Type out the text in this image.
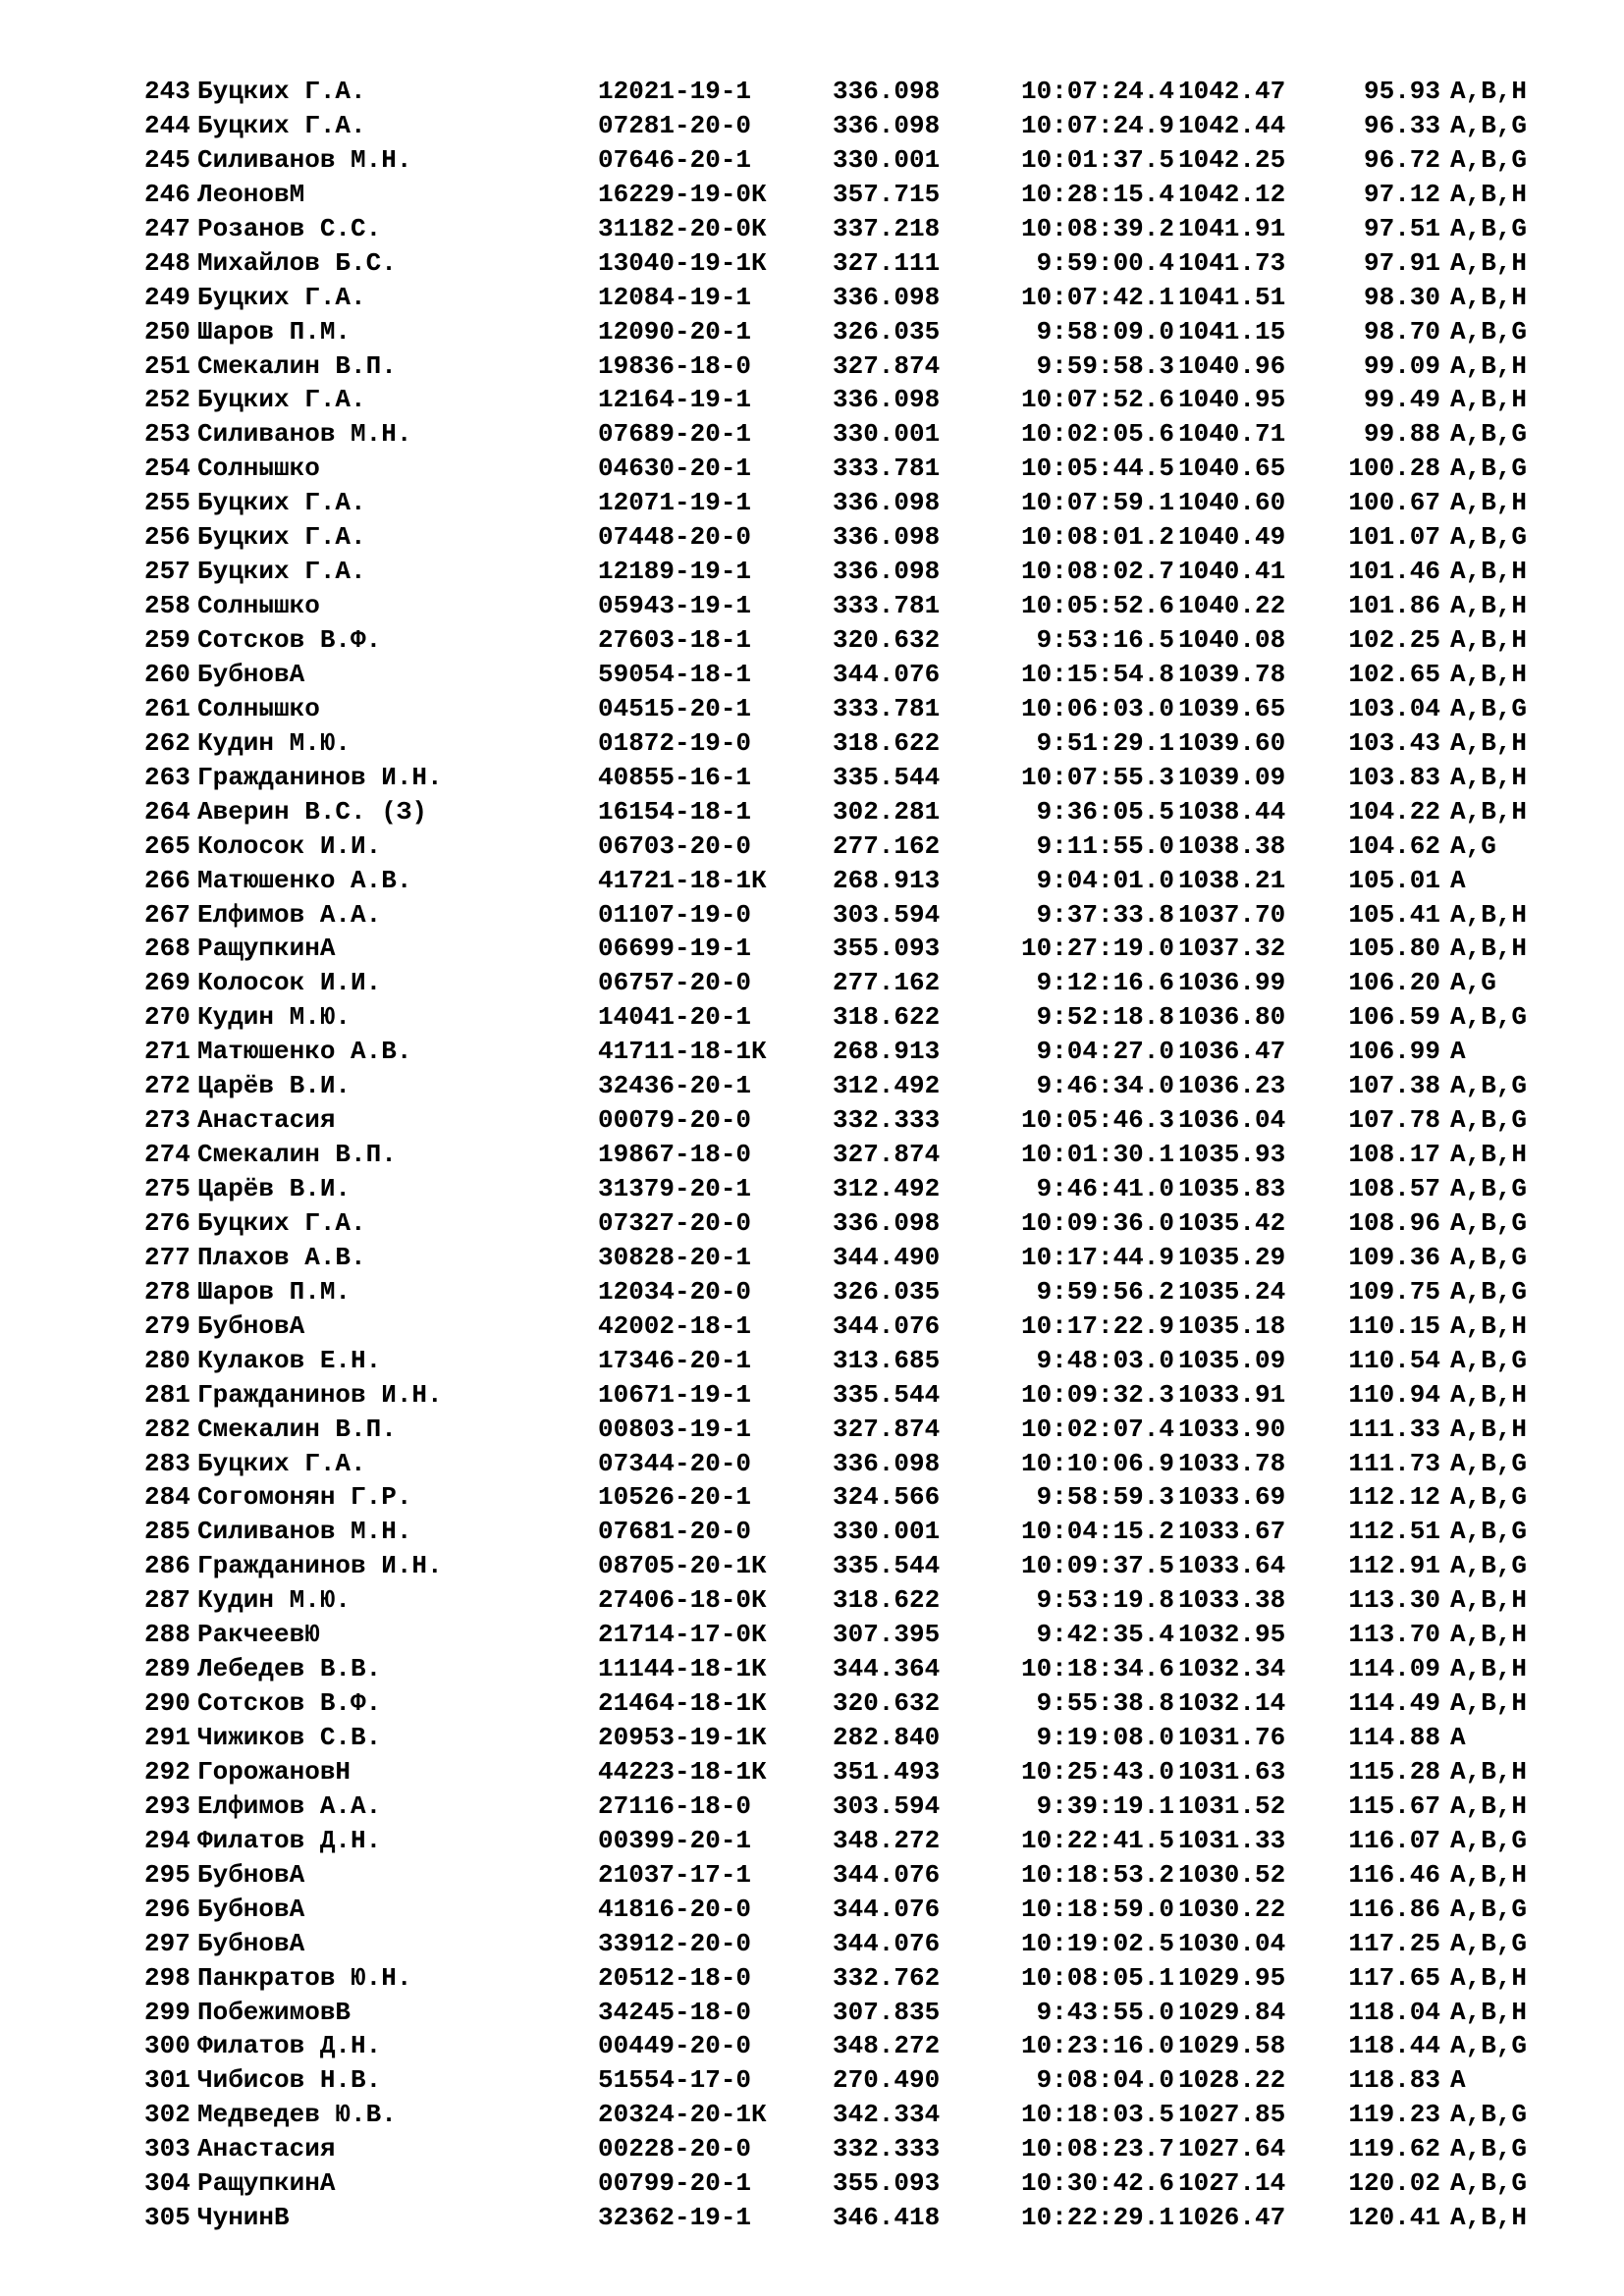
243 Буцких Г.А.	12021-19-1	336.098	10:07:24.4 1042.47	95.93 A,B,H
244 Буцких Г.А.	07281-20-0	336.098	10:07:24.9 1042.44	96.33 A,B,G
245 Силиванов М.Н.	07646-20-1	330.001	10:01:37.5 1042.25	96.72 A,B,G
246 ЛеоновМ	16229-19-0К	357.715	10:28:15.4 1042.12	97.12 A,B,H
247 Розанов С.С.	31182-20-0К	337.218	10:08:39.2 1041.91	97.51 A,B,G
248 Михайлов Б.С.	13040-19-1К	327.111	9:59:00.4 1041.73	97.91 A,B,H
249 Буцких Г.А.	12084-19-1	336.098	10:07:42.1 1041.51	98.30 A,B,H
250 Шаров П.М.	12090-20-1	326.035	9:58:09.0 1041.15	98.70 A,B,G
251 Смекалин В.П.	19836-18-0	327.874	9:59:58.3 1040.96	99.09 A,B,H
252 Буцких Г.А.	12164-19-1	336.098	10:07:52.6 1040.95	99.49 A,B,H
253 Силиванов М.Н.	07689-20-1	330.001	10:02:05.6 1040.71	99.88 A,B,G
254 Солнышко	04630-20-1	333.781	10:05:44.5 1040.65 100.28 A,B,G
255 Буцких Г.А.	12071-19-1	336.098	10:07:59.1 1040.60 100.67 A,B,H
256 Буцких Г.А.	07448-20-0	336.098	10:08:01.2 1040.49 101.07 A,B,G
257 Буцких Г.А.	12189-19-1	336.098	10:08:02.7 1040.41 101.46 A,B,H
258 Солнышко	05943-19-1	333.781	10:05:52.6 1040.22 101.86 A,B,H
259 Сотсков В.Ф.	27603-18-1	320.632	9:53:16.5 1040.08 102.25 A,B,H
260 БубновА	59054-18-1	344.076	10:15:54.8 1039.78 102.65 A,B,H
261 Солнышко	04515-20-1	333.781	10:06:03.0 1039.65 103.04 A,B,G
262 Кудин М.Ю.	01872-19-0	318.622	9:51:29.1 1039.60 103.43 A,B,H
263 Гражданинов И.Н.	40855-16-1	335.544	10:07:55.3 1039.09 103.83 A,B,H
264 Аверин В.С. (З)	16154-18-1	302.281	9:36:05.5 1038.44 104.22 A,B,H
265 Колосок И.И.	06703-20-0	277.162	9:11:55.0 1038.38 104.62 A,G
266 Матюшенко А.В.	41721-18-1К	268.913	9:04:01.0 1038.21 105.01 A
267 Елфимов А.А.	01107-19-0	303.594	9:37:33.8 1037.70 105.41 A,B,H
268 РащупкинА	06699-19-1	355.093	10:27:19.0 1037.32 105.80 A,B,H
269 Колосок И.И.	06757-20-0	277.162	9:12:16.6 1036.99 106.20 A,G
270 Кудин М.Ю.	14041-20-1	318.622	9:52:18.8 1036.80 106.59 A,B,G
271 Матюшенко А.В.	41711-18-1К	268.913	9:04:27.0 1036.47 106.99 A
272 Царёв В.И.	32436-20-1	312.492	9:46:34.0 1036.23 107.38 A,B,G
273 Анастасия	00079-20-0	332.333	10:05:46.3 1036.04 107.78 A,B,G
274 Смекалин В.П.	19867-18-0	327.874	10:01:30.1 1035.93 108.17 A,B,H
275 Царёв В.И.	31379-20-1	312.492	9:46:41.0 1035.83 108.57 A,B,G
276 Буцких Г.А.	07327-20-0	336.098	10:09:36.0 1035.42 108.96 A,B,G
277 Плахов А.В.	30828-20-1	344.490	10:17:44.9 1035.29 109.36 A,B,G
278 Шаров П.М.	12034-20-0	326.035	9:59:56.2 1035.24 109.75 A,B,G
279 БубновА	42002-18-1	344.076	10:17:22.9 1035.18 110.15 A,B,H
280 Кулаков Е.Н.	17346-20-1	313.685	9:48:03.0 1035.09 110.54 A,B,G
281 Гражданинов И.Н.	10671-19-1	335.544	10:09:32.3 1033.91 110.94 A,B,H
282 Смекалин В.П.	00803-19-1	327.874	10:02:07.4 1033.90 111.33 A,B,H
283 Буцких Г.А.	07344-20-0	336.098	10:10:06.9 1033.78 111.73 A,B,G
284 Согомонян Г.Р.	10526-20-1	324.566	9:58:59.3 1033.69 112.12 A,B,G
285 Силиванов М.Н.	07681-20-0	330.001	10:04:15.2 1033.67 112.51 A,B,G
286 Гражданинов И.Н.	08705-20-1К	335.544	10:09:37.5 1033.64 112.91 A,B,G
287 Кудин М.Ю.	27406-18-0К	318.622	9:53:19.8 1033.38 113.30 A,B,H
288 РакчеевЮ	21714-17-0К	307.395	9:42:35.4 1032.95 113.70 A,B,H
289 Лебедев В.В.	11144-18-1К	344.364	10:18:34.6 1032.34 114.09 A,B,H
290 Сотсков В.Ф.	21464-18-1К	320.632	9:55:38.8 1032.14 114.49 A,B,H
291 Чижиков С.В.	20953-19-1К	282.840	9:19:08.0 1031.76 114.88 A
292 ГорожановН	44223-18-1К	351.493	10:25:43.0 1031.63 115.28 A,B,H
293 Елфимов А.А.	27116-18-0	303.594	9:39:19.1 1031.52 115.67 A,B,H
294 Филатов Д.Н.	00399-20-1	348.272	10:22:41.5 1031.33 116.07 A,B,G
295 БубновА	21037-17-1	344.076	10:18:53.2 1030.52 116.46 A,B,H
296 БубновА	41816-20-0	344.076	10:18:59.0 1030.22 116.86 A,B,G
297 БубновА	33912-20-0	344.076	10:19:02.5 1030.04 117.25 A,B,G
298 Панкратов Ю.Н.	20512-18-0	332.762	10:08:05.1 1029.95 117.65 A,B,H
299 ПобежимовВ	34245-18-0	307.835	9:43:55.0 1029.84 118.04 A,B,H
300 Филатов Д.Н.	00449-20-0	348.272	10:23:16.0 1029.58 118.44 A,B,G
301 Чибисов Н.В.	51554-17-0	270.490	9:08:04.0 1028.22 118.83 A
302 Медведев Ю.В.	20324-20-1К	342.334	10:18:03.5 1027.85 119.23 A,B,G
303 Анастасия	00228-20-0	332.333	10:08:23.7 1027.64 119.62 A,B,G
304 РащупкинА	00799-20-1	355.093	10:30:42.6 1027.14 120.02 A,B,G
305 ЧунинВ	32362-19-1	346.418	10:22:29.1 1026.47 120.41 A,B,H
